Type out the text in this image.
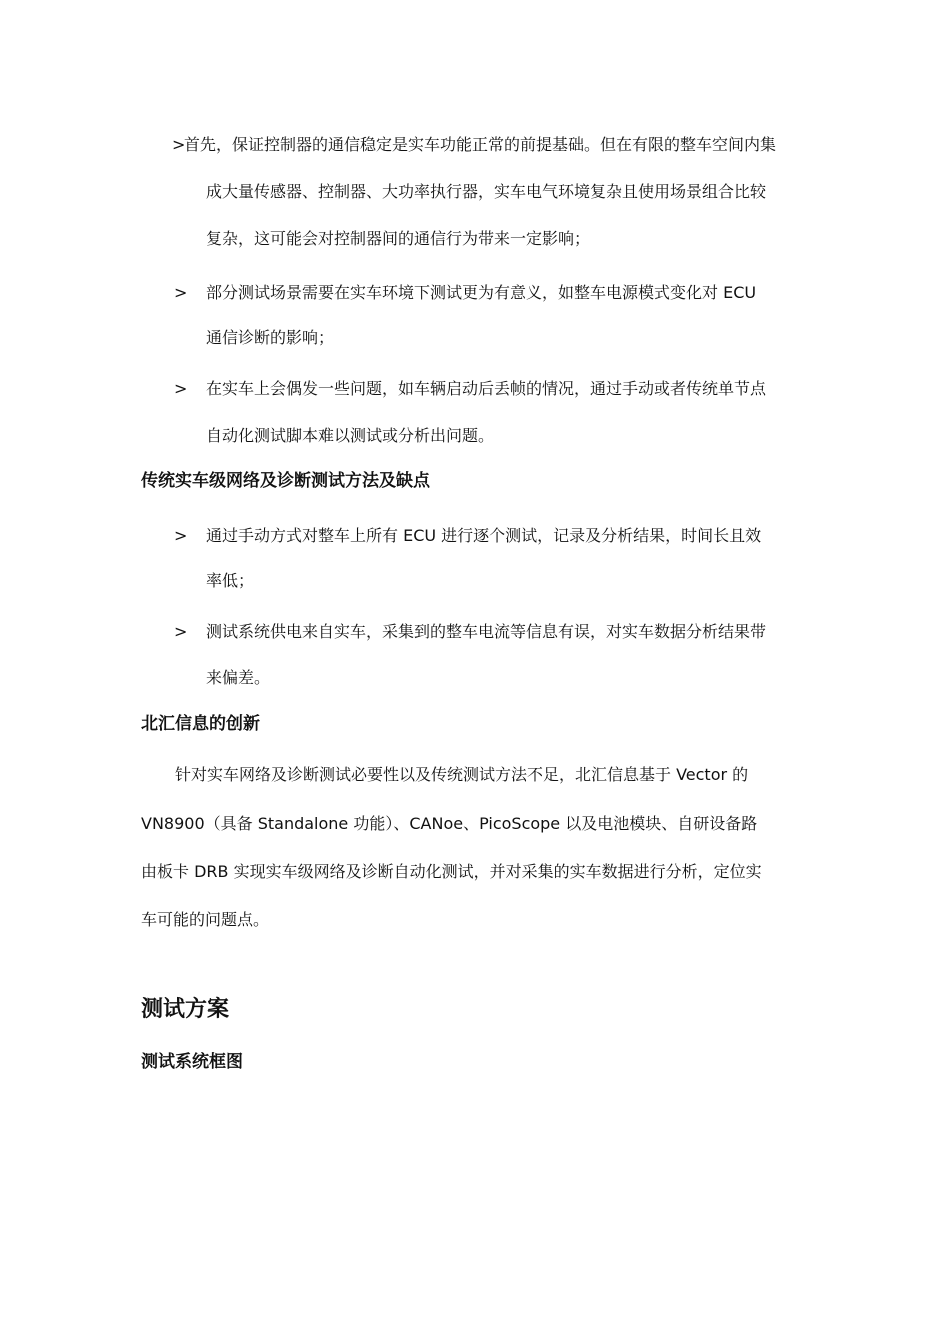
>
首先，保证控制器的通信稳定是实车功能正常的前提基础。但在有限的整车空间内集
成大量传感器、控制器、大功率执行器，实车电气环境复杂且使用场景组合比较
复杂，这可能会对控制器间的通信行为带来一定影响；
> 部分测试场景需要在实车环境下测试更为有意义，如整车电源模式变化对 ECU
通信诊断的影响；
> 在实车上会偶发一些问题，如车辆启动后丢帧的情况，通过手动或者传统单节点
自动化测试脚本难以测试或分析出问题。
传统实车级网络及诊断测试方法及缺点
> 通过手动方式对整车上所有 ECU 进行逐个测试，记录及分析结果，时间长且效
率低；
> 测试系统供电来自实车，采集到的整车电流等信息有误，对实车数据分析结果带
来偏差。
北汇信息的创新
针对实车网络及诊断测试必要性以及传统测试方法不足，北汇信息基于 Vector 的
VN8900（具备 Standalone 功能）、CANoe、PicoScope 以及电池模块、自研设备路
由板卡 DRB 实现实车级网络及诊断自动化测试，并对采集的实车数据进行分析，定位实
车可能的问题点。
测试方案
测试系统框图
